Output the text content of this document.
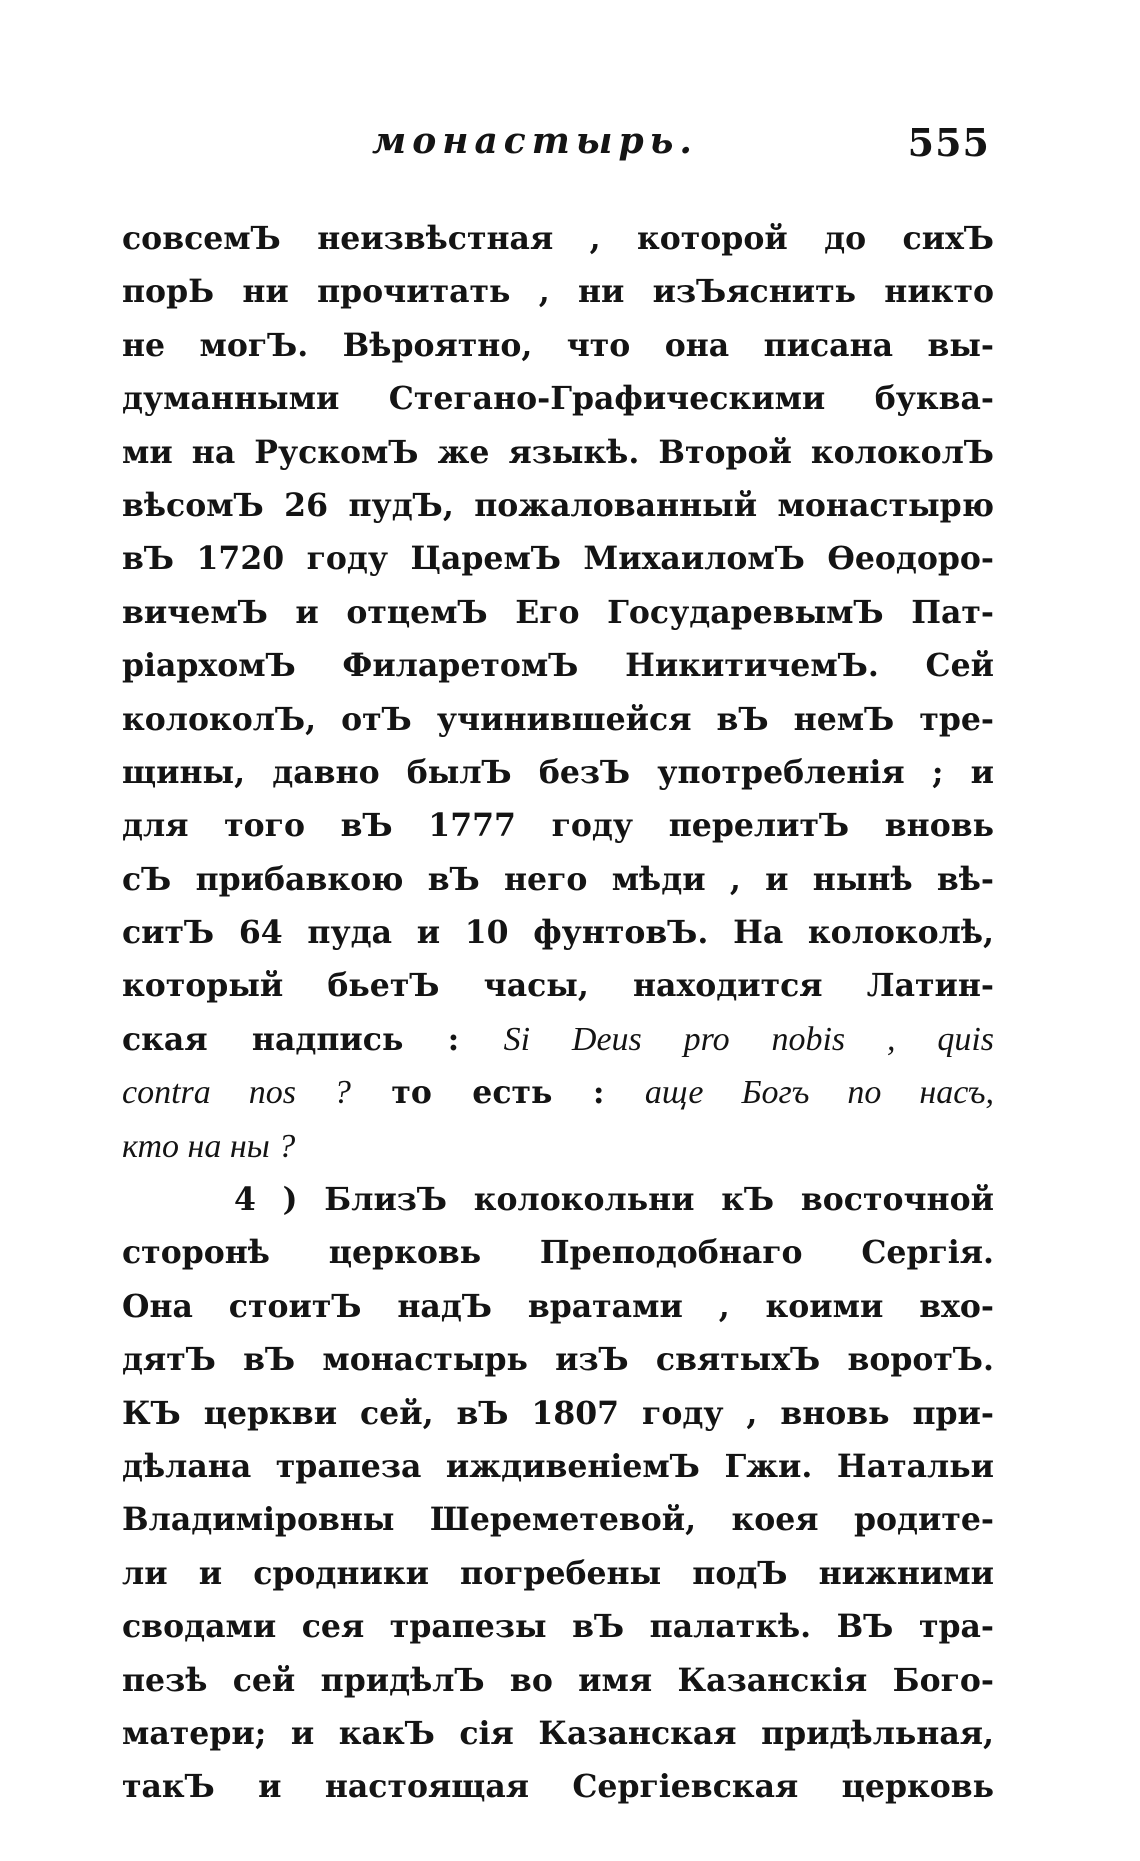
монастырь.	555
совсемЪ неизвѣстная , которой до сихЪ
порЬ ни прочитать , ни изЪяснить никто
не могЪ. Вѣроятно, что она писана вы-
думанными Стегано-Графическими буква-
ми на РускомЪ же языкѣ. Второй колоколЪ
вѣсомЪ 26 пудЪ, пожалованный монастырю
вЪ 1720 году ЦаремЪ МихаиломЪ Ѳеодоро-
вичемЪ и отцемЪ Его ГосударевымЪ Пат-
ріархомЪ ФиларетомЪ НикитичемЪ. Сей
колоколЪ, отЪ учинившейся вЪ немЪ тре-
щины, давно былЪ безЪ употребленія ; и
для того вЪ 1777 году перелитЪ вновь
сЪ прибавкою вЪ него мѣди , и нынѣ вѣ-
ситЪ 64 пуда и 10 фунтовЪ. На колоколѣ,
который бьетЪ часы, находится Латин-
ская надпись : Si Deus pro nobis , quis
contra nos ? то есть : аще Богъ по насъ,
кто на ны ?
4 ) БлизЪ колокольни кЪ восточной
сторонѣ церковь Преподобнаго Сергія.
Она стоитЪ надЪ вратами , коими вхо-
дятЪ вЪ монастырь изЪ святыхЪ воротЪ.
КЪ церкви сей, вЪ 1807 году , вновь при-
дѣлана трапеза иждивеніемЪ Гжи. Натальи
Владиміровны Шереметевой, коея родите-
ли и сродники погребены подЪ нижними
сводами сея трапезы вЪ палаткѣ. ВЪ тра-
пезѣ сей придѣлЪ во имя Казанскія Бого-
матери; и какЪ сія Казанская придѣльная,
такЪ и настоящая Сергіевская церковь
